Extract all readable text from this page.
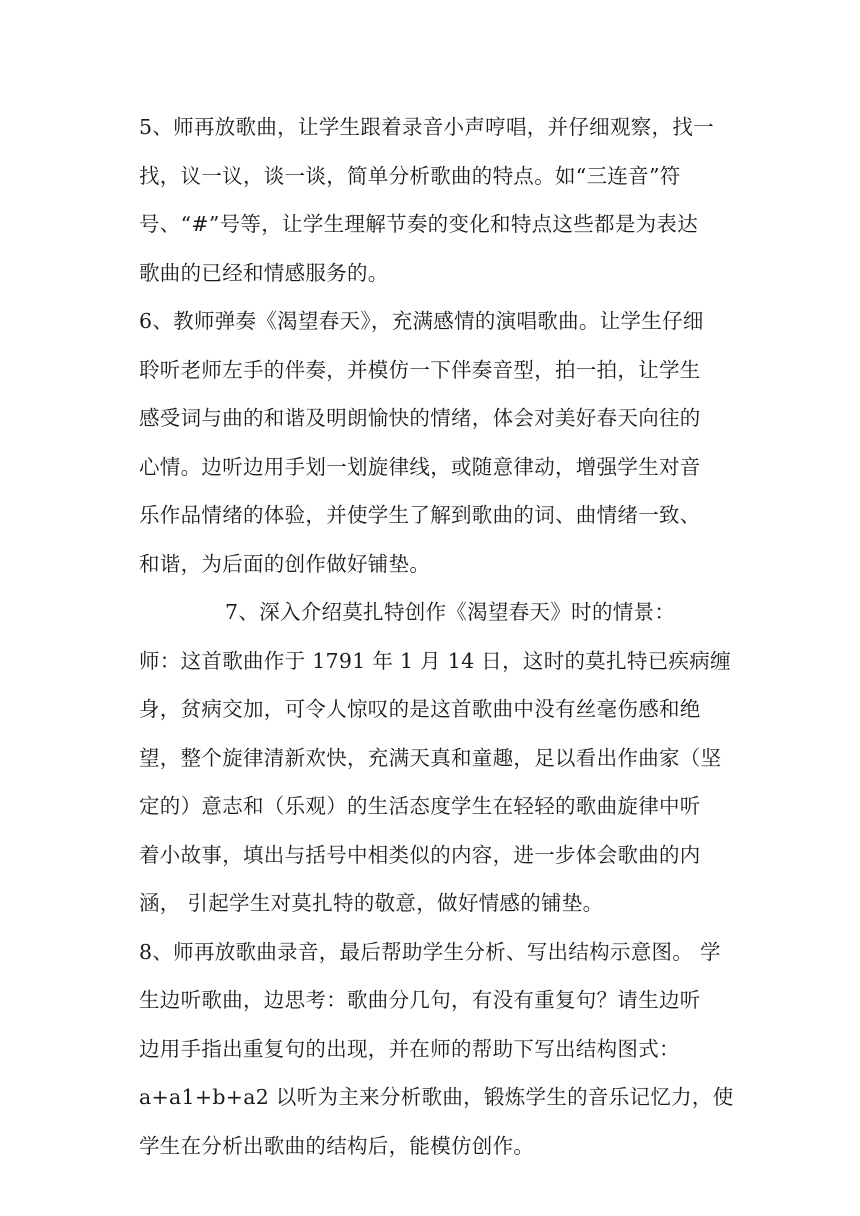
5、师再放歌曲，让学生跟着录音小声哼唱，并仔细观察，找一
找，议一议，谈一谈，简单分析歌曲的特点。如“三连音”符
号、“#”号等，让学生理解节奏的变化和特点这些都是为表达
歌曲的已经和情感服务的。

6、教师弹奏《渴望春天》，充满感情的演唱歌曲。让学生仔细
聆听老师左手的伴奏，并模仿一下伴奏音型，拍一拍，让学生
感受词与曲的和谐及明朗愉快的情绪，体会对美好春天向往的
心情。边听边用手划一划旋律线，或随意律动，增强学生对音
乐作品情绪的体验，并使学生了解到歌曲的词、曲情绪一致、
和谐，为后面的创作做好铺垫。

7、深入介绍莫扎特创作《渴望春天》时的情景：

师：这首歌曲作于 1791 年 1 月 14 日，这时的莫扎特已疾病缠
身，贫病交加，可令人惊叹的是这首歌曲中没有丝毫伤感和绝
望，整个旋律清新欢快，充满天真和童趣，足以看出作曲家（坚
定的）意志和（乐观）的生活态度学生在轻轻的歌曲旋律中听
着小故事，填出与括号中相类似的内容，进一步体会歌曲的内
涵， 引起学生对莫扎特的敬意，做好情感的铺垫。

8、师再放歌曲录音，最后帮助学生分析、写出结构示意图。 学
生边听歌曲，边思考：歌曲分几句，有没有重复句？请生边听
边用手指出重复句的出现，并在师的帮助下写出结构图式：
a+a1+b+a2 以听为主来分析歌曲，锻炼学生的音乐记忆力，使
学生在分析出歌曲的结构后，能模仿创作。
